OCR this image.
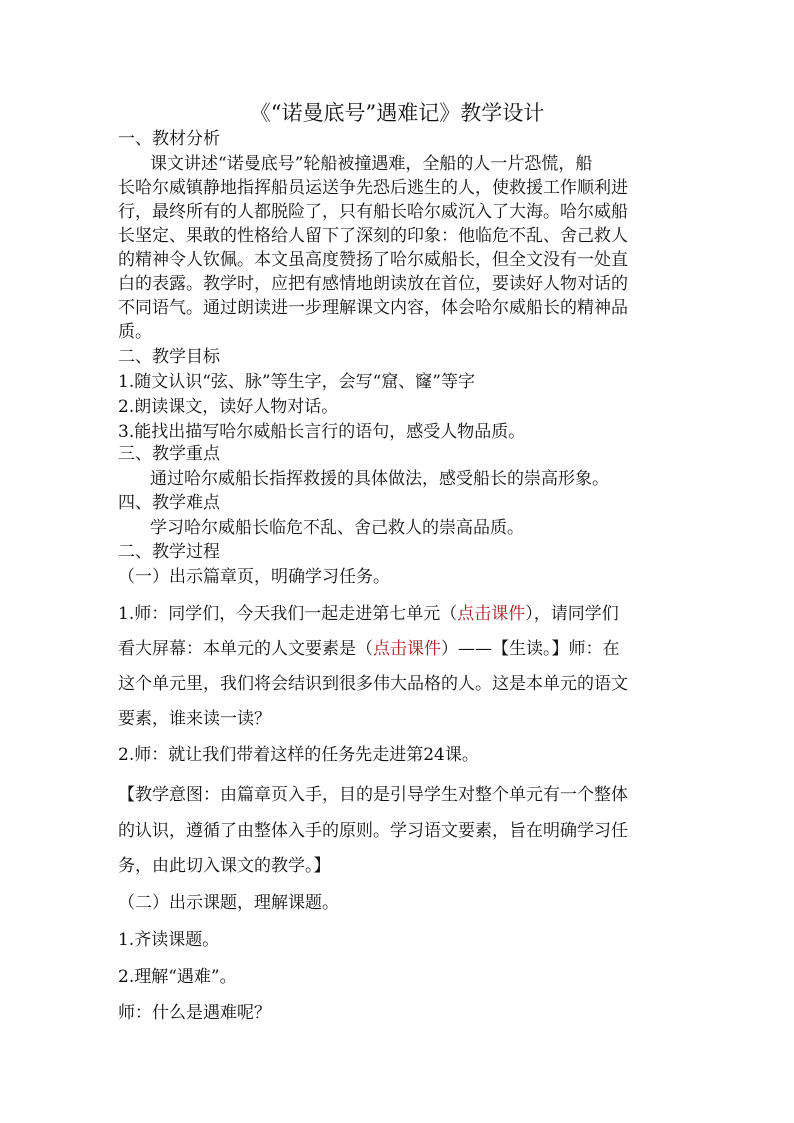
《“诺曼底号”遇难记》教学设计
一、教材分析
课文讲述“诺曼底号”轮船被撞遇难，全船的人一片恐慌，船
长哈尔威镇静地指挥船员运送争先恐后逃生的人，使救援工作顺利进
行，最终所有的人都脱险了，只有船长哈尔威沉入了大海。哈尔威船
长坚定、果敢的性格给人留下了深刻的印象：他临危不乱、舍己救人
的精神令人钦佩。本文虽高度赞扬了哈尔威船长，但全文没有一处直
白的表露。教学时，应把有感情地朗读放在首位，要读好人物对话的
不同语气。通过朗读进一步理解课文内容，体会哈尔威船长的精神品
质。
二、教学目标
1.随文认识“弦、脉”等生字，会写“窟、窿”等字
2.朗读课文，读好人物对话。
3.能找出描写哈尔威船长言行的语句，感受人物品质。
三、教学重点
通过哈尔威船长指挥救援的具体做法，感受船长的崇高形象。
四、教学难点
学习哈尔威船长临危不乱、舍己救人的崇高品质。
二、教学过程
（一）出示篇章页，明确学习任务。
1.师：同学们，今天我们一起走进第七单元（点击课件），请同学们
看大屏幕：本单元的人文要素是（点击课件）——【生读。】师：在
这个单元里，我们将会结识到很多伟大品格的人。这是本单元的语文
要素，谁来读一读？
2.师：就让我们带着这样的任务先走进第24课。
【教学意图：由篇章页入手，目的是引导学生对整个单元有一个整体
的认识，遵循了由整体入手的原则。学习语文要素，旨在明确学习任
务，由此切入课文的教学。】
（二）出示课题，理解课题。
1.齐读课题。
2.理解“遇难”。
师：什么是遇难呢？
